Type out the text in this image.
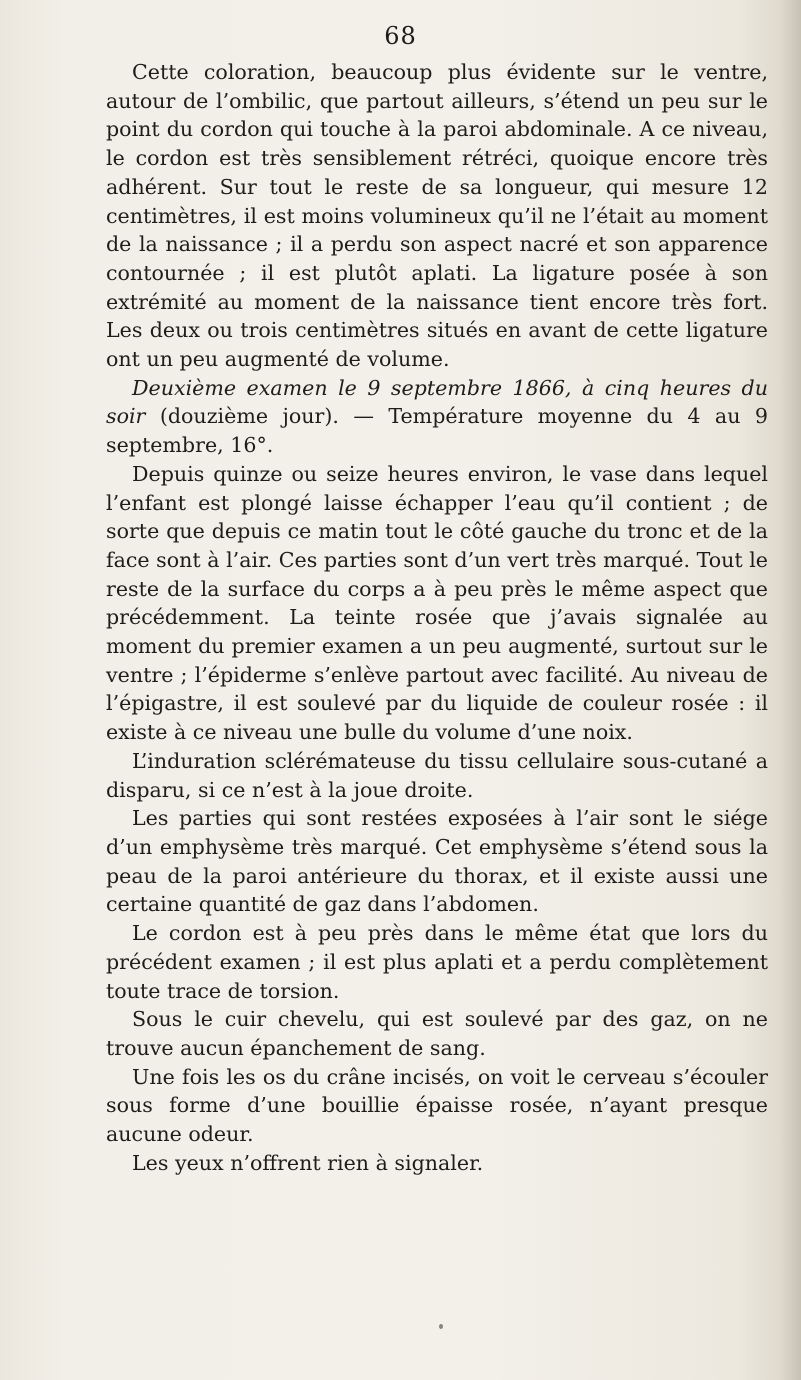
68

Cette coloration, beaucoup plus évidente sur le ventre, autour de l’ombilic, que partout ailleurs, s’étend un peu sur le point du cordon qui touche à la paroi abdominale. A ce niveau, le cordon est très sensiblement rétréci, quoique encore très adhérent. Sur tout le reste de sa longueur, qui mesure 12 centimètres, il est moins volumineux qu’il ne l’était au moment de la naissance ; il a perdu son aspect nacré et son apparence contournée ; il est plutôt aplati. La ligature posée à son extrémité au moment de la naissance tient encore très fort. Les deux ou trois centimètres situés en avant de cette ligature ont un peu augmenté de volume.

Deuxième examen le 9 septembre 1866, à cinq heures du soir (douzième jour). — Température moyenne du 4 au 9 septembre, 16°.

Depuis quinze ou seize heures environ, le vase dans lequel l’enfant est plongé laisse échapper l’eau qu’il contient ; de sorte que depuis ce matin tout le côté gauche du tronc et de la face sont à l’air. Ces parties sont d’un vert très marqué. Tout le reste de la surface du corps a à peu près le même aspect que précédemment. La teinte rosée que j’avais signalée au moment du premier examen a un peu augmenté, surtout sur le ventre ; l’épiderme s’enlève partout avec facilité. Au niveau de l’épigastre, il est soulevé par du liquide de couleur rosée : il existe à ce niveau une bulle du volume d’une noix.

L’induration sclérémateuse du tissu cellulaire sous-cutané a disparu, si ce n’est à la joue droite.

Les parties qui sont restées exposées à l’air sont le siége d’un emphysème très marqué. Cet emphysème s’étend sous la peau de la paroi antérieure du thorax, et il existe aussi une certaine quantité de gaz dans l’abdomen.

Le cordon est à peu près dans le même état que lors du précédent examen ; il est plus aplati et a perdu complètement toute trace de torsion.

Sous le cuir chevelu, qui est soulevé par des gaz, on ne trouve aucun épanchement de sang.

Une fois les os du crâne incisés, on voit le cerveau s’écouler sous forme d’une bouillie épaisse rosée, n’ayant presque aucune odeur.

Les yeux n’offrent rien à signaler.
